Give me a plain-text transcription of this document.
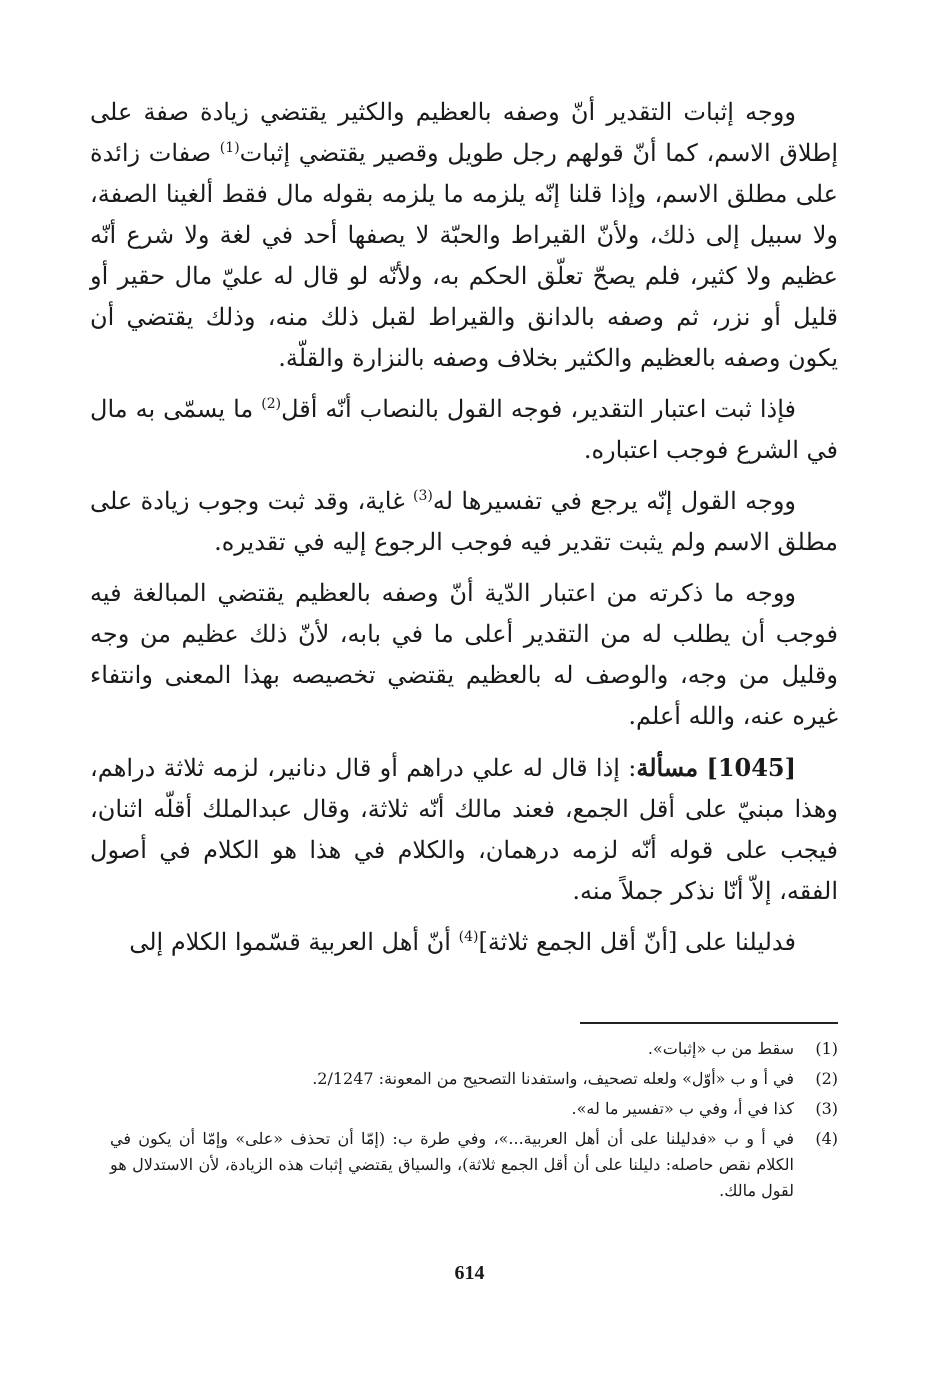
ووجه إثبات التقدير أنّ وصفه بالعظيم والكثير يقتضي زيادة صفة على إطلاق الاسم، كما أنّ قولهم رجل طويل وقصير يقتضي إثبات$^{(1)}$ صفات زائدة على مطلق الاسم، وإذا قلنا إنّه يلزمه ما يلزمه بقوله مال فقط ألغينا الصفة، ولا سبيل إلى ذلك، ولأنّ القيراط والحبّة لا يصفها أحد في لغة ولا شرع أنّه عظيم ولا كثير، فلم يصحّ تعلّق الحكم به، ولأنّه لو قال له عليّ مال حقير أو قليل أو نزر، ثم وصفه بالدانق والقيراط لقبل ذلك منه، وذلك يقتضي أن يكون وصفه بالعظيم والكثير بخلاف وصفه بالنزارة والقلّة.

فإذا ثبت اعتبار التقدير، فوجه القول بالنصاب أنّه أقل$^{(2)}$ ما يسمّى به مال في الشرع فوجب اعتباره.

ووجه القول إنّه يرجع في تفسيرها له$^{(3)}$ غاية، وقد ثبت وجوب زيادة على مطلق الاسم ولم يثبت تقدير فيه فوجب الرجوع إليه في تقديره.

ووجه ما ذكرته من اعتبار الدّية أنّ وصفه بالعظيم يقتضي المبالغة فيه فوجب أن يطلب له من التقدير أعلى ما في بابه، لأنّ ذلك عظيم من وجه وقليل من وجه، والوصف له بالعظيم يقتضي تخصيصه بهذا المعنى وانتفاء غيره عنه، والله أعلم.

[1045] مسألة: إذا قال له علي دراهم أو قال دنانير، لزمه ثلاثة دراهم، وهذا مبنيّ على أقل الجمع، فعند مالك أنّه ثلاثة، وقال عبدالملك أقلّه اثنان، فيجب على قوله أنّه لزمه درهمان، والكلام في هذا هو الكلام في أصول الفقه، إلاّ أنّا نذكر جملاً منه.

فدليلنا على [أنّ أقل الجمع ثلاثة]$^{(4)}$ أنّ أهل العربية قسّموا الكلام إلى

(1)
سقط من ب «إثبات».
(2)
في أ و ب «أوّل» ولعله تصحيف، واستفدنا التصحيح من المعونة: 2/1247.
(3)
كذا في أ، وفي ب «تفسير ما له».
(4)
في أ و ب «فدليلنا على أن أهل العربية...»، وفي طرة ب: (إمّا أن تحذف «على» وإمّا أن يكون في الكلام نقص حاصله: دليلنا على أن أقل الجمع ثلاثة)، والسياق يقتضي إثبات هذه الزيادة، لأن الاستدلال هو لقول مالك.
614
